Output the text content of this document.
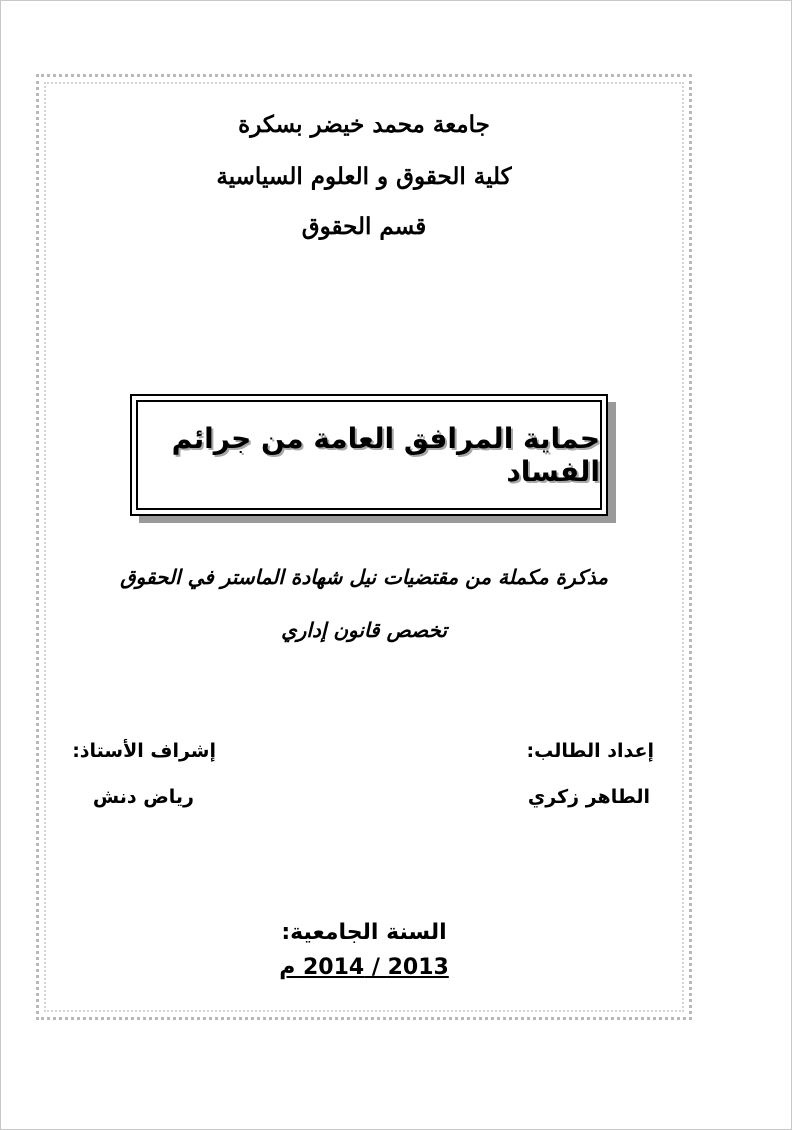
جامعة محمد خيضر بسكرة
كلية الحقوق و العلوم السياسية
قسم الحقوق
حماية المرافق العامة من جرائم الفساد
مذكرة مكملة من مقتضيات نيل شهادة الماستر في الحقوق
تخصص قانون إداري
إعداد الطالب:
الطاهر زكري
إشراف الأستاذ:
رياض دنش
السنة الجامعية:
2013 / 2014 م
